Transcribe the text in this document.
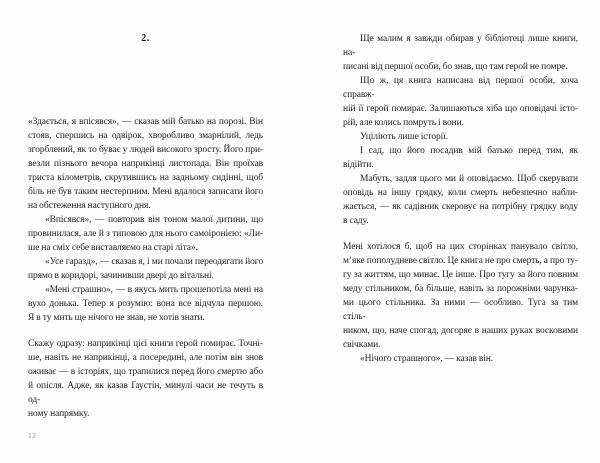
2.
«Здається, я впісявся», — сказав мій батько на порозі. Він
стояв, спершись на одвірок, хворобливо змарнілий, ледь
згорблений, як то буває у людей високого зросту. Його при-
везли пізнього вечора наприкінці листопада. Він проїхав
триста кілометрів, скрутившись на задньому сидінні, щоб
біль не був таким нестерпним. Мені вдалося записати його
на обстеження наступного дня.
«Впісявся», — повторив він тоном малої дитини, що
провинилася, але й з типовою для нього самоіронією: «Ли-
ше на сміх себе виставляємо на старі літа».
«Усе гаразд», — сказав я, і ми почали переодягати його
прямо в коридорі, зачинивши двері до вітальні.
«Мені страшно», — в якусь мить прошепотіла мені на
вухо донька. Тепер я розумію: вона все відчула першою.
Я в ту мить ще нічого не знав, не хотів знати.
Скажу одразу: наприкінці цієї книги герой помирає. Точні-
ше, навіть не наприкінці, а посередині, але потім він знов
оживає — в історіях, що трапилися перед його смертю або
й опісля. Адже, як казав Ґаустін, минулі часи не течуть в од-
ному напрямку.
12
Ще малим я завжди обирав у бібліотеці лише книги, на-
писані від першої особи, бо знав, що там герой не помре.
Що ж, ця книга написана від першої особи, хоча справж-
ній її герой помирає. Залишаються хіба що оповідачі істо-
рій, але колись помруть і вони.
Уціліють лише історії.
І сад, що його посадив мій батько перед тим, як відійти.
Мабуть, задля цього ми й оповідаємо. Щоб скерувати
оповідь на іншу грядку, коли смерть небезпечно набли-
жається, — як садівник скеровує на потрібну грядку воду
в саду.
Мені хотілося б, щоб на цих сторінках панувало світло,
м’яке пополудневе світло. Це книга не про смерть, а про ту-
гу за життям, що минає. Це інше. Про тугу за його повним
меду стільником, ба більше, навіть за порожніми чарунка-
ми цього стільника. За ними — особливо. Туга за тим стіль-
ником, що, наче спогад, догоряє в наших руках восковими
свічками.
«Нічого страшного», — казав він.
